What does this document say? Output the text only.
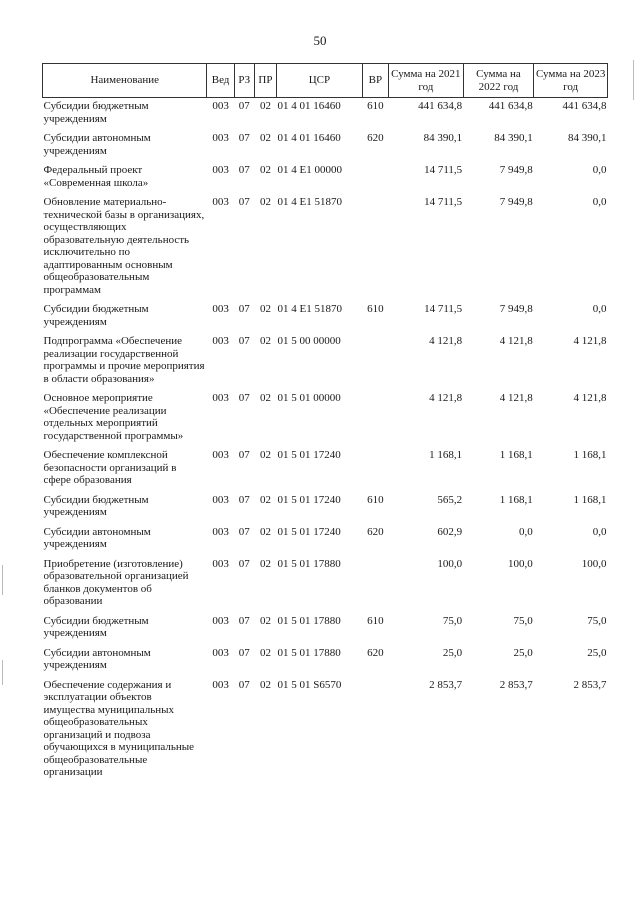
50
Наименование	Вед	РЗ	ПР	ЦСР	ВР	Сумма на 2021 год	Сумма на 2022 год	Сумма на 2023 год
Субсидии бюджетным учреждениям	003	07	02	01 4 01 16460	610	441 634,8	441 634,8	441 634,8
Субсидии автономным учреждениям	003	07	02	01 4 01 16460	620	84 390,1	84 390,1	84 390,1
Федеральный проект «Современная школа»	003	07	02	01 4 E1 00000		14 711,5	7 949,8	0,0
Обновление материально-технической базы в организациях, осуществляющих образовательную деятельность исключительно по адаптированным основным общеобразовательным программам	003	07	02	01 4 E1 51870		14 711,5	7 949,8	0,0
Субсидии бюджетным учреждениям	003	07	02	01 4 E1 51870	610	14 711,5	7 949,8	0,0
Подпрограмма «Обеспечение реализации государственной программы и прочие мероприятия в области образования»	003	07	02	01 5 00 00000		4 121,8	4 121,8	4 121,8
Основное мероприятие «Обеспечение реализации отдельных мероприятий государственной программы»	003	07	02	01 5 01 00000		4 121,8	4 121,8	4 121,8
Обеспечение комплексной безопасности организаций в сфере образования	003	07	02	01 5 01 17240		1 168,1	1 168,1	1 168,1
Субсидии бюджетным учреждениям	003	07	02	01 5 01 17240	610	565,2	1 168,1	1 168,1
Субсидии автономным учреждениям	003	07	02	01 5 01 17240	620	602,9	0,0	0,0
Приобретение (изготовление) образовательной организацией бланков документов об образовании	003	07	02	01 5 01 17880		100,0	100,0	100,0
Субсидии бюджетным учреждениям	003	07	02	01 5 01 17880	610	75,0	75,0	75,0
Субсидии автономным учреждениям	003	07	02	01 5 01 17880	620	25,0	25,0	25,0
Обеспечение содержания и эксплуатации объектов имущества муниципальных общеобразовательных организаций и подвоза обучающихся в муниципальные общеобразовательные организации	003	07	02	01 5 01 S6570		2 853,7	2 853,7	2 853,7
